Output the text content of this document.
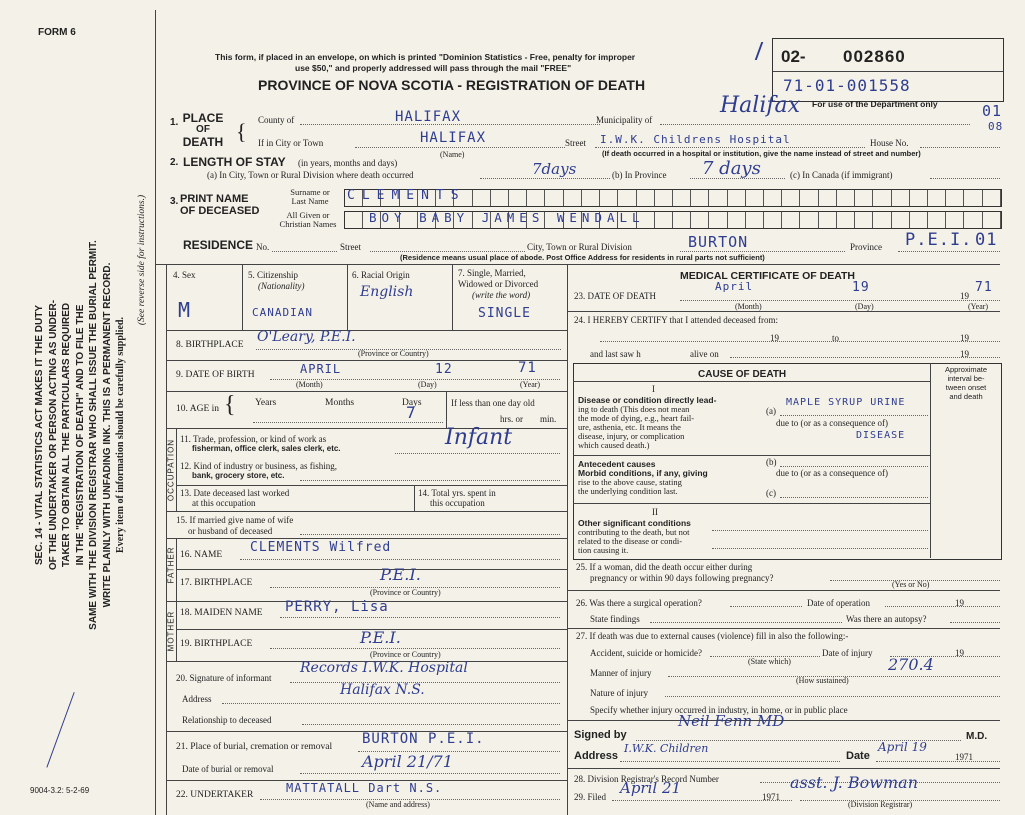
FORM 6
9004-3.2: 5-2-69
SEC. 14 - VITAL STATISTICS ACT MAKES IT THE DUTY OF THE UNDERTAKER OR PERSON ACTING AS UNDER- TAKER TO OBTAIN ALL THE PARTICULARS REQUIRED IN THE "REGISTRATION OF DEATH" AND TO FILE THE SAME WITH THE DIVISION REGISTRAR WHO SHALL ISSUE THE BURIAL PERMIT. WRITE PLAINLY WITH UNFADING INK. THIS IS A PERMANENT RECORD. Every item of information should be carefully supplied.
(See reverse side for instructions.)
This form, if placed in an envelope, on which is printed "Dominion Statistics - Free, penalty for improper
use $50," and properly addressed will pass through the mail "FREE"
PROVINCE OF NOVA SCOTIA - REGISTRATION OF DEATH
02- 002860
71-01-001558
For use of the Department only	01
08
1. PLACE
OF
DEATH { County of	HALIFAX	Municipality of
Halifax
If in City or Town	HALIFAX
(Name)
Street I.W.K. Childrens Hospital	House No.
(If death occurred in a hospital or institution, give the name instead of street and number)
2. LENGTH OF STAY (in years, months and days)
(a) In City, Town or Rural Division where death occurred	7days	(b) In Province 7 days	(c) In Canada (if immigrant)
3. PRINT NAME
OF DECEASED
Surname or
Last Name	CLEMENTS
All Given or
Christian Names	BOY BABY JAMES WENDALL
RESIDENCE No.	Street	City, Town or Rural Division	BURTON	Province P.E.I. 01
(Residence means usual place of abode. Post Office Address for residents in rural parts not sufficient)
4. Sex
M
5. Citizenship
(Nationality)
CANADIAN
6. Racial Origin
English
7. Single, Married,
Widowed or Divorced
(write the word)
SINGLE
8. BIRTHPLACE O'Leary, P.E.I.
(Province or Country)
9. DATE OF BIRTH	APRIL	12	71
(Month)	(Day)	(Year)
10. AGE in { Years	Months	Days
7	If less than one day old
hrs. or min.
OCCUPATION 11. Trade, profession, or kind of work as
fisherman, office clerk, sales clerk, etc.	Infant
12. Kind of industry or business, as fishing,
bank, grocery store, etc.
13. Date deceased last worked
at this occupation
14. Total yrs. spent in
this occupation
15. If married give name of wife
or husband of deceased
FATHER 16. NAME CLEMENTS Wilfred
17. BIRTHPLACE	P.E.I.
(Province or Country)
MOTHER 18. MAIDEN NAME PERRY, Lisa
19. BIRTHPLACE	P.E.I.
(Province or Country)
20. Signature of informant
Records I.W.K. Hospital
Address
Halifax N.S.
Relationship to deceased
21. Place of burial, cremation or removal BURTON P.E.I.
Date of burial or removal	April 21/71
22. UNDERTAKER	MATTATALL Dart N.S.
(Name and address)
MEDICAL CERTIFICATE OF DEATH
23. DATE OF DEATH
April	19
19
71
(Month)	(Day)	(Year)
24. I HEREBY CERTIFY that I attended deceased from:
19	to	19
and last saw h	alive on	19
CAUSE OF DEATH	Approximate
interval be-
tween onset
and death
I
Disease or condition directly lead-
ing to death (This does not mean
the mode of dying, e.g., heart fail-
ure, asthenia, etc. It means the
disease, injury, or complication
which caused death.)
(a)
MAPLE SYRUP URINE
due to (or as a consequence of)
DISEASE
Antecedent causes
Morbid conditions, if any, giving
rise to the above cause, stating
the underlying condition last.
(b)
due to (or as a consequence of)
(c)
II
Other significant conditions
contributing to the death, but not
related to the disease or condi-
tion causing it.
25. If a woman, did the death occur either during
pregnancy or within 90 days following pregnancy?
(Yes or No)
26. Was there a surgical operation?	Date of operation	19
State findings	Was there an autopsy?
27. If death was due to external causes (violence) fill in also the following:-
Accident, suicide or homicide?	Date of injury	19
(State which)	270.4
Manner of injury
(How sustained)
Nature of injury
Specify whether injury occurred in industry, in home, or in public place
Signed by
Neil Fenn MD
M.D.
Address
I.W.K. Children
Date
April 19
1971
28. Division Registrar's Record Number
29. Filed April 21	1971
asst. J. Bowman
(Division Registrar)
